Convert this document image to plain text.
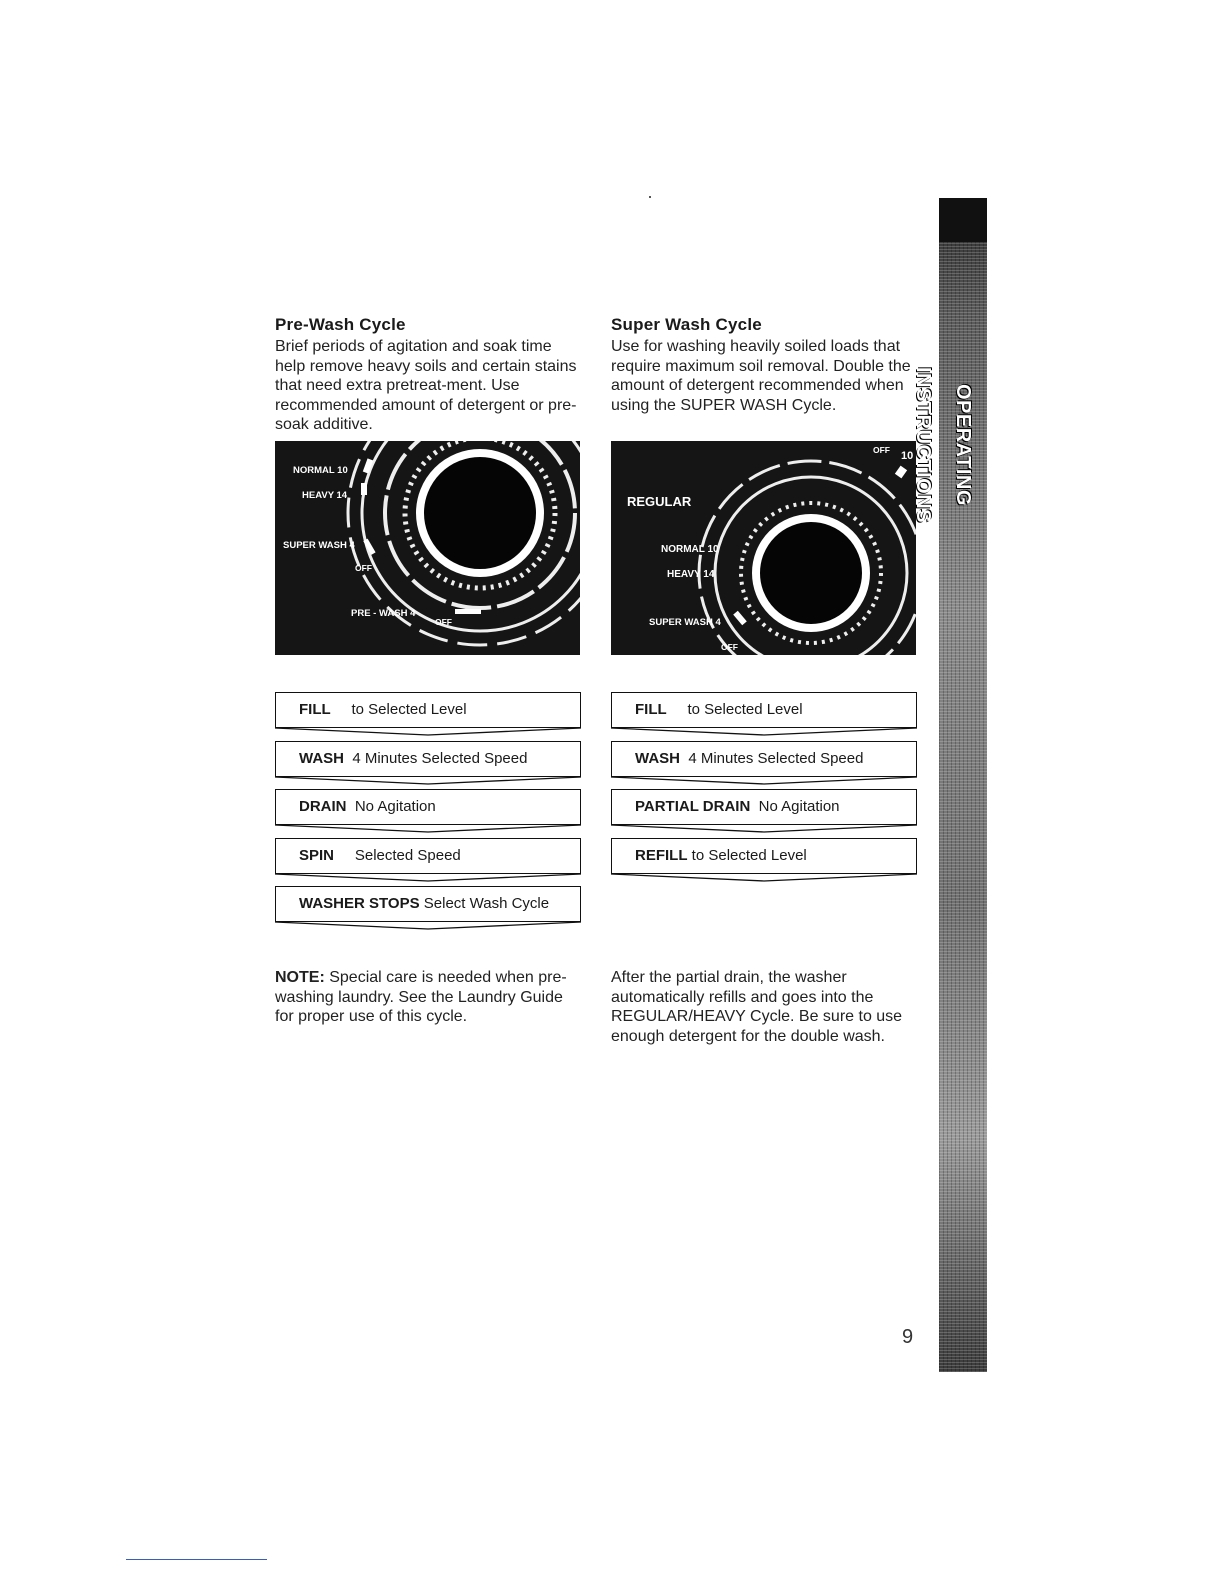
Pre-Wash Cycle
Brief periods of agitation and soak time help remove heavy soils and certain stains that need extra pretreat-ment. Use recommended amount of detergent or pre-soak additive.
NORMAL 10
HEAVY 14
SUPER WASH 4
OFF
PRE - WASH 4
OFF
FILL to Selected Level
WASH 4 Minutes Selected Speed
DRAIN No Agitation
SPIN Selected Speed
WASHER STOPS Select Wash Cycle
NOTE: Special care is needed when pre-washing laundry. See the Laundry Guide for proper use of this cycle.
Super Wash Cycle
Use for washing heavily soiled loads that require maximum soil removal. Double the amount of detergent recommended when using the SUPER WASH Cycle.
OFF 10
REGULAR
NORMAL 10
HEAVY 14
SUPER WASH 4
OFF
FILL to Selected Level
WASH 4 Minutes Selected Speed
PARTIAL DRAIN No Agitation
REFILL to Selected Level
After the partial drain, the washer automatically refills and goes into the REGULAR/HEAVY Cycle. Be sure to use enough detergent for the double wash.
OPERATING INSTRUCTIONS
9
